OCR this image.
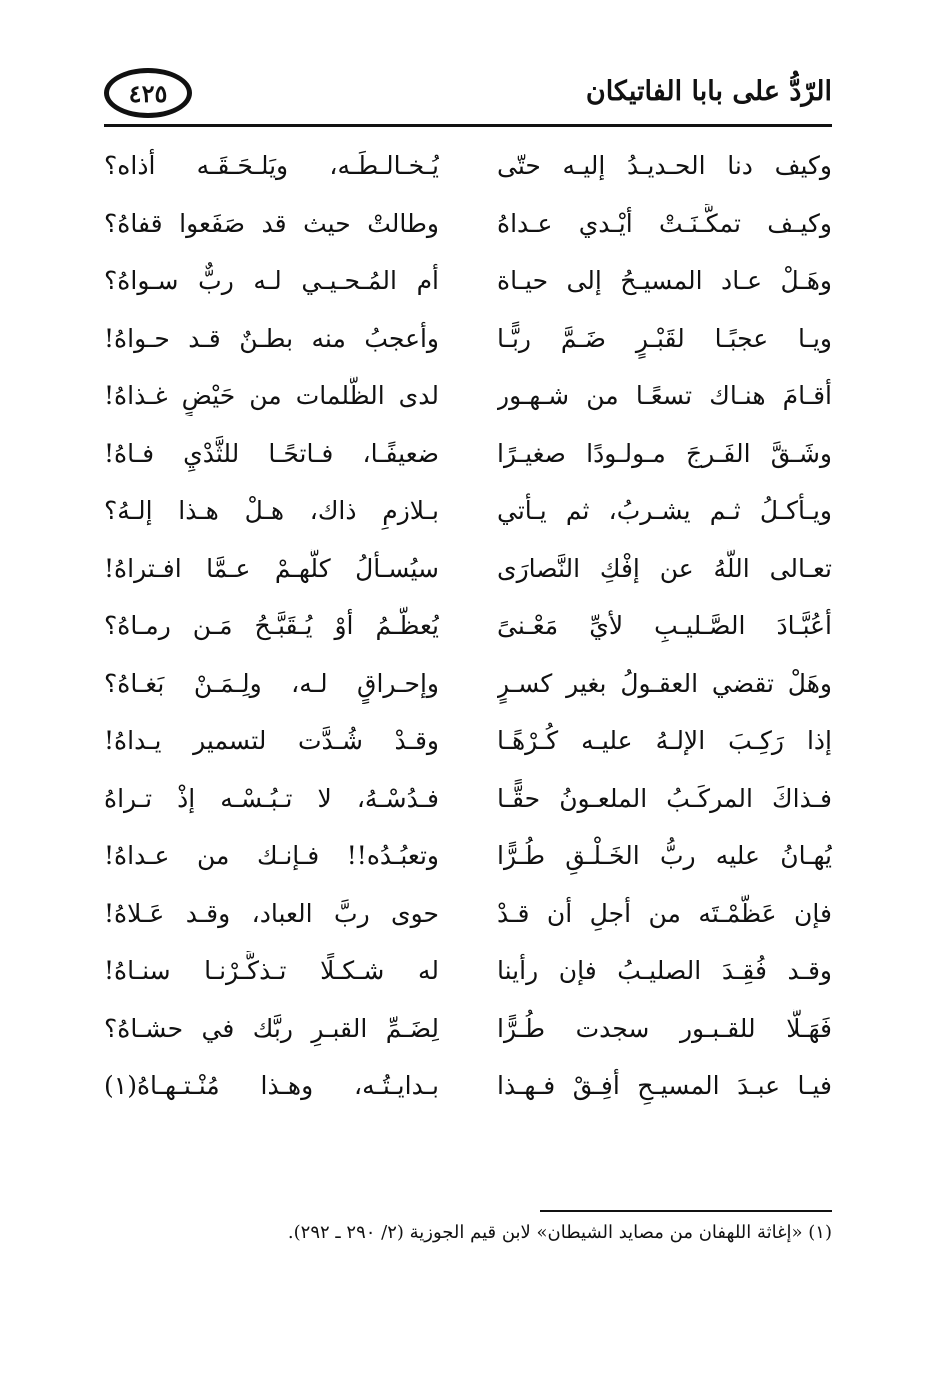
الرّدُّ على بابا الفاتيكان
٤٢٥
وكيف دنا الحـديـدُ إليـه حتّى
يُـخـالـطَـه، ويَلـحَـقَـه أذاه؟
وكيـف تمكَّـنَـتْ أيْـدي عـداهُ
وطالتْ حيث قد صَفَعوا قفاهُ؟
وهَـلْ عـاد المسيـحُ إلى حيـاة
أم المُـحـيـي لـه ربٌّ سـواهُ؟
ويـا عجبًـا لقَبْـرٍ ضَـمَّ ربًّـا
وأعجبُ منه بطـنٌ قـد حـواهُ!
أقـامَ هنـاك تسعًـا من شـهـور
لدى الظُّلمات من حَيْضٍ غـذاهُ!
وشَـقَّ الفَـرجَ مـولـودًا صغيـرًا
ضعيفًـا، فـاتحًـا للثَّدْيِ فـاهُ!
ويـأكـلُ ثـم يشـربُ، ثم يـأتي
بـلازمِ ذاك، هـلْ هـذا إلـهُ؟
تعـالى اللَّهُ عن إفْكِ النَّصارَى
سيُسـألُ كلُّهـمْ عـمَّا افـتراهُ!
أعُبَّـادَ الصَّـليـبِ لأيِّ مَعْـنىً
يُعظَّـمُ أوْ يُـقَبَّـحُ مَـن رمـاهُ؟
وهَلْ تقضي العقـولُ بغير كسـرٍ
وإحـراقٍ لـه، ولِـمَـنْ بَغـاهُ؟
إذا رَكِـبَ الإلـهُ عليـه كُـرْهًـا
وقـدْ شُـدَّت لتسمير يـداهُ!
فـذاكَ المركَـبُ الملعـونُ حقًّـا
فـدُسْـهُ، لا تـبُـسْـه إذْ تـراهُ
يُهـانُ عليه ربُّ الخَـلْـقِ طُـرًّا
وتعبُـدُه!! فـإنـك من عـداهُ!
فإن عَظَّمْـتَه من أجلِ أن قـدْ
حوى ربَّ العباد، وقـد عَـلاهُ!
وقـد فُقِـدَ الصليـبُ فإن رأينا
له شـكـلًا تـذكَّـرْنـا سنـاهُ!
فَهَـلَّا للقـبـور سجدت طُـرًّا
لِضَـمِّ القبـرِ ربَّك في حشـاهُ؟
فيـا عبـدَ المسيـحِ أفِـقْ فـهـذا
بـدايـتُـه، وهـذا مُنْـتـهـاهُ(١)
(١) «إغاثة اللهفان من مصايد الشيطان» لابن قيم الجوزية (٢/ ٢٩٠ ـ ٢٩٢).
